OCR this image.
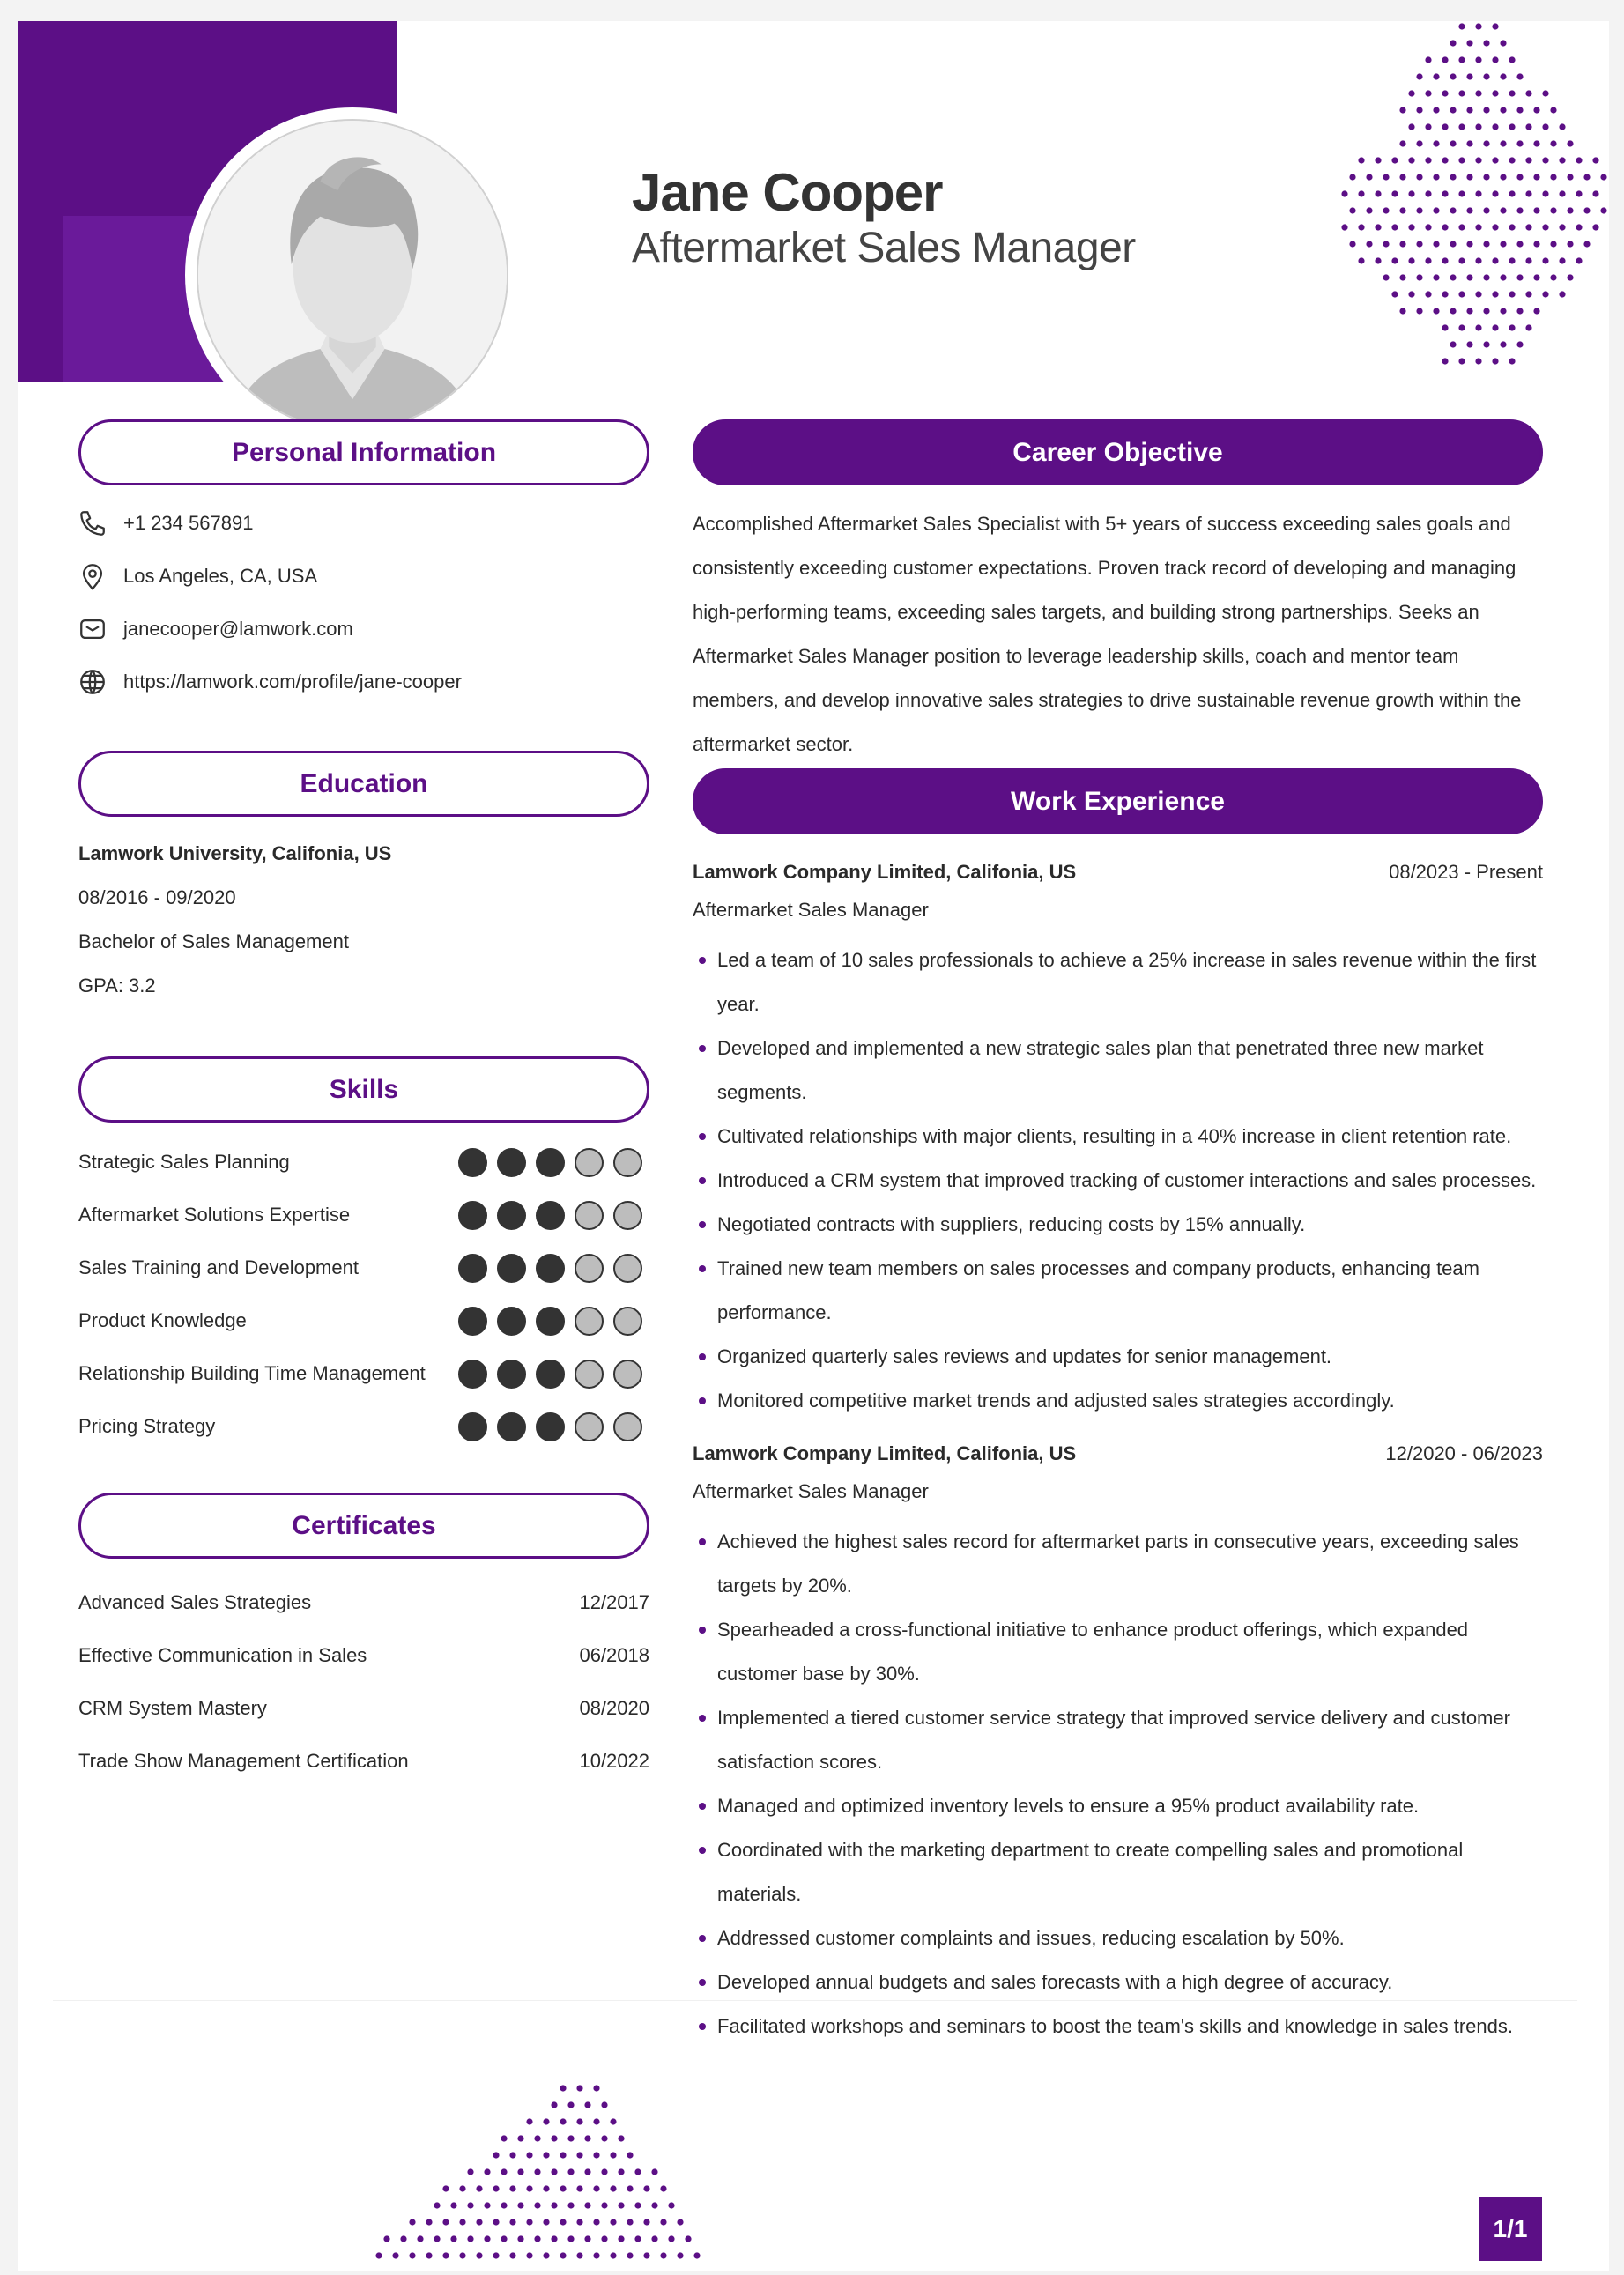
Jane Cooper
Aftermarket Sales Manager
Personal Information
+1 234 567891
Los Angeles, CA, USA
janecooper@lamwork.com
https://lamwork.com/profile/jane-cooper
Education
Lamwork University, Califonia, US
08/2016 - 09/2020
Bachelor of Sales Management
GPA: 3.2
Skills
Strategic Sales Planning
Aftermarket Solutions Expertise
Sales Training and Development
Product Knowledge
Relationship Building Time Management
Pricing Strategy
Certificates
Advanced Sales Strategies	12/2017
Effective Communication in Sales	06/2018
CRM System Mastery	08/2020
Trade Show Management Certification	10/2022
Career Objective
Accomplished Aftermarket Sales Specialist with 5+ years of success exceeding sales goals and consistently exceeding customer expectations. Proven track record of developing and managing high-performing teams, exceeding sales targets, and building strong partnerships. Seeks an Aftermarket Sales Manager position to leverage leadership skills, coach and mentor team members, and develop innovative sales strategies to drive sustainable revenue growth within the aftermarket sector.
Work Experience
Lamwork Company Limited, Califonia, US	08/2023 - Present
Aftermarket Sales Manager
Led a team of 10 sales professionals to achieve a 25% increase in sales revenue within the first year.
Developed and implemented a new strategic sales plan that penetrated three new market segments.
Cultivated relationships with major clients, resulting in a 40% increase in client retention rate.
Introduced a CRM system that improved tracking of customer interactions and sales processes.
Negotiated contracts with suppliers, reducing costs by 15% annually.
Trained new team members on sales processes and company products, enhancing team performance.
Organized quarterly sales reviews and updates for senior management.
Monitored competitive market trends and adjusted sales strategies accordingly.
Lamwork Company Limited, Califonia, US	12/2020 - 06/2023
Aftermarket Sales Manager
Achieved the highest sales record for aftermarket parts in consecutive years, exceeding sales targets by 20%.
Spearheaded a cross-functional initiative to enhance product offerings, which expanded customer base by 30%.
Implemented a tiered customer service strategy that improved service delivery and customer satisfaction scores.
Managed and optimized inventory levels to ensure a 95% product availability rate.
Coordinated with the marketing department to create compelling sales and promotional materials.
Addressed customer complaints and issues, reducing escalation by 50%.
Developed annual budgets and sales forecasts with a high degree of accuracy.
Facilitated workshops and seminars to boost the team's skills and knowledge in sales trends.
1/1
